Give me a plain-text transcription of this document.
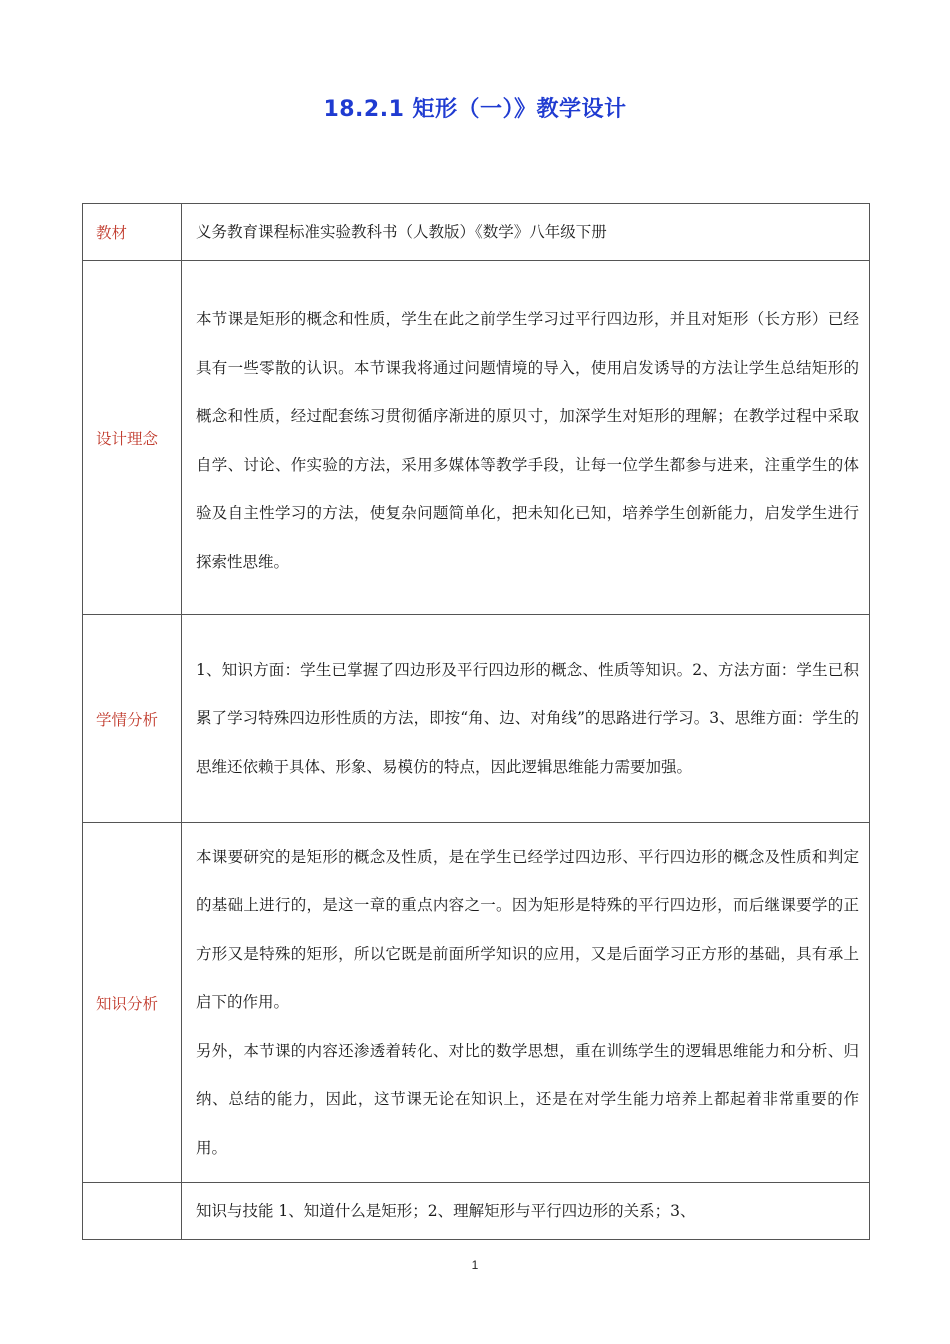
18.2.1 矩形（一）》教学设计
教材	义务教育课程标准实验教科书（人教版）《数学》八年级下册

设计理念	本节课是矩形的概念和性质，学生在此之前学生学习过平行四边形，并且对矩形（长方形）已经具有一些零散的认识。本节课我将通过问题情境的导入，使用启发诱导的方法让学生总结矩形的概念和性质，经过配套练习贯彻循序渐进的原贝寸，加深学生对矩形的理解；在教学过程中采取自学、讨论、作实验的方法，采用多媒体等教学手段，让每一位学生都参与进来，注重学生的体验及自主性学习的方法，使复杂问题简单化，把未知化已知，培养学生创新能力，启发学生进行探索性思维。

学情分析	1、知识方面：学生已掌握了四边形及平行四边形的概念、性质等知识。2、方法方面：学生已积累了学习特殊四边形性质的方法，即按“角、边、对角线”的思路进行学习。3、思维方面：学生的思维还依赖于具体、形象、易模仿的特点，因此逻辑思维能力需要加强。

知识分析	本课要研究的是矩形的概念及性质，是在学生已经学过四边形、平行四边形的概念及性质和判定的基础上进行的，是这一章的重点内容之一。因为矩形是特殊的平行四边形，而后继课要学的正方形又是特殊的矩形，所以它既是前面所学知识的应用，又是后面学习正方形的基础，具有承上启下的作用。

另外，本节课的内容还渗透着转化、对比的数学思想，重在训练学生的逻辑思维能力和分析、归纳、总结的能力，因此，这节课无论在知识上，还是在对学生能力培养上都起着非常重要的作用。

	知识与技能 1、知道什么是矩形；2、理解矩形与平行四边形的关系；3、

1
